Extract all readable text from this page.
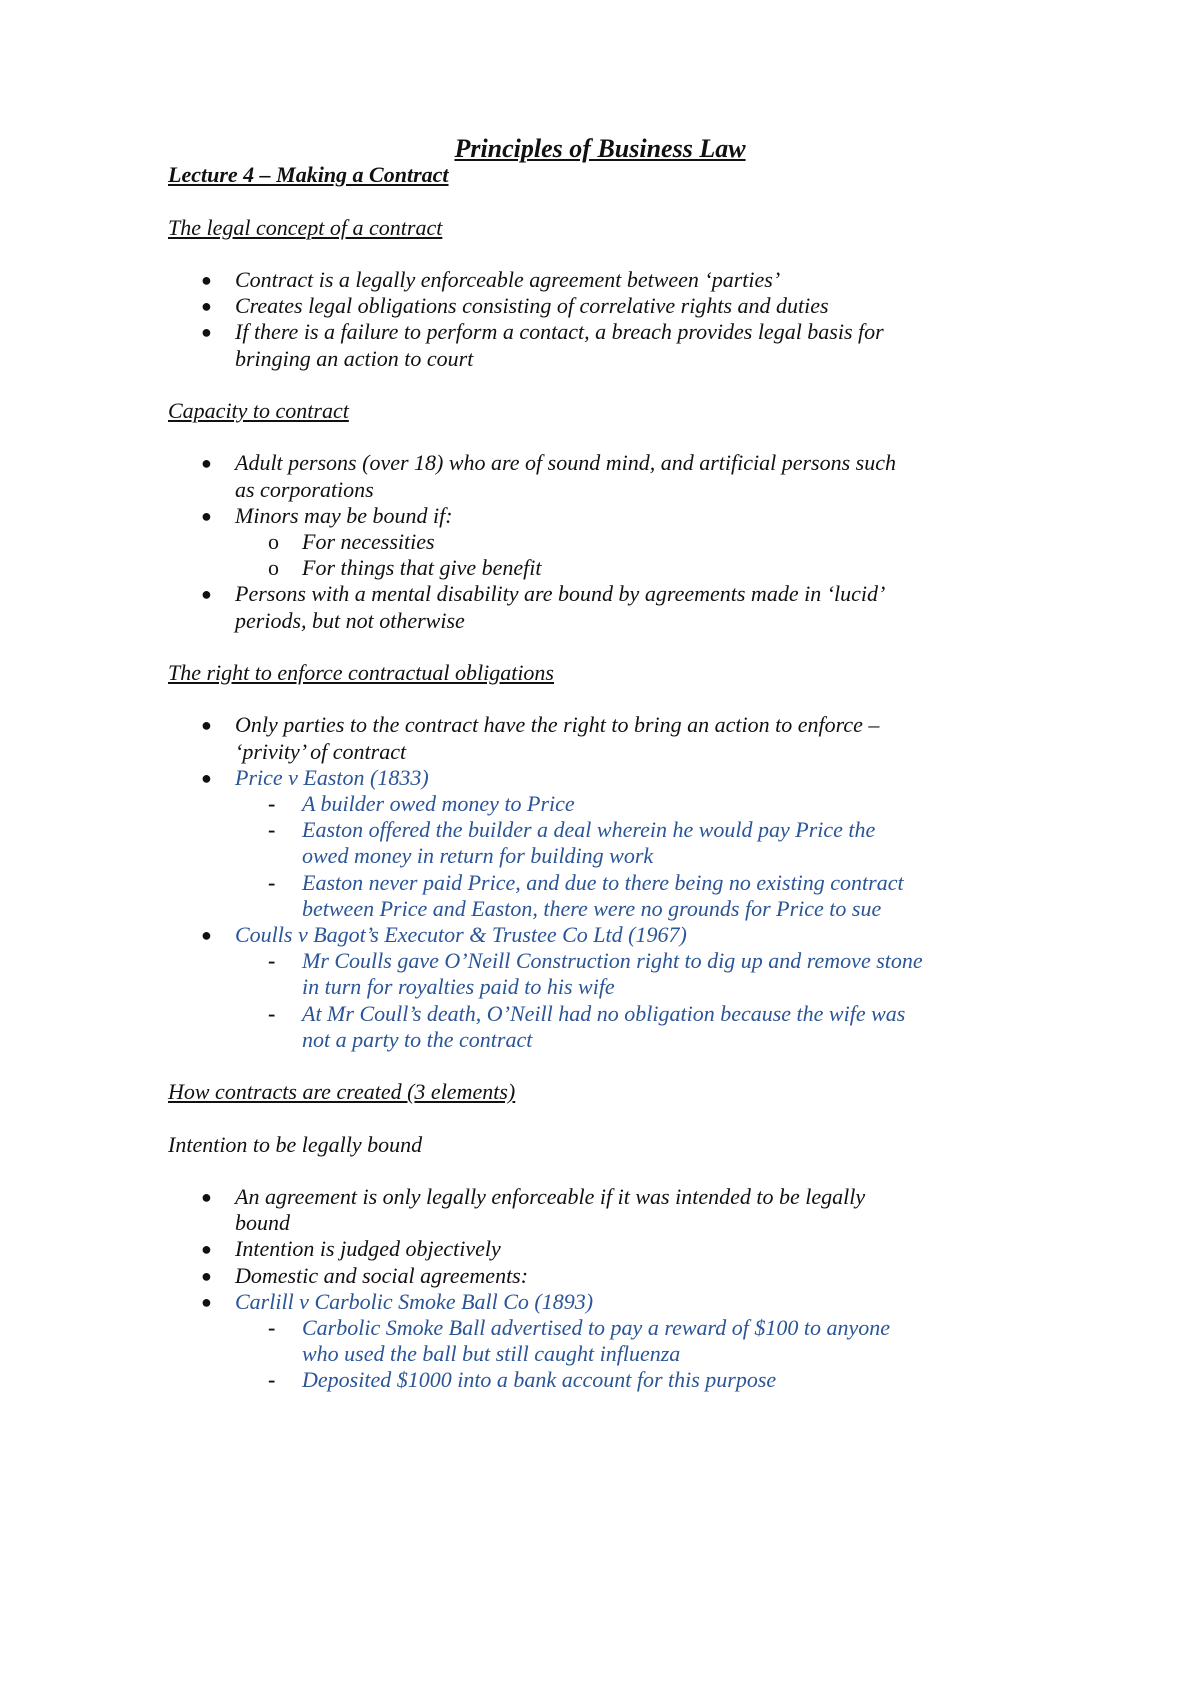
Principles of Business Law
Lecture 4 – Making a Contract
The legal concept of a contract
● Contract is a legally enforceable agreement between ‘parties’
● Creates legal obligations consisting of correlative rights and duties
● If there is a failure to perform a contact, a breach provides legal basis for
bringing an action to court
Capacity to contract
● Adult persons (over 18) who are of sound mind, and artificial persons such
as corporations
● Minors may be bound if:
o For necessities
o For things that give benefit
● Persons with a mental disability are bound by agreements made in ‘lucid’
periods, but not otherwise
The right to enforce contractual obligations
● Only parties to the contract have the right to bring an action to enforce –
‘privity’ of contract
● Price v Easton (1833)
- A builder owed money to Price
- Easton offered the builder a deal wherein he would pay Price the
owed money in return for building work
- Easton never paid Price, and due to there being no existing contract
between Price and Easton, there were no grounds for Price to sue
● Coulls v Bagot’s Executor & Trustee Co Ltd (1967)
- Mr Coulls gave O’Neill Construction right to dig up and remove stone
in turn for royalties paid to his wife
- At Mr Coull’s death, O’Neill had no obligation because the wife was
not a party to the contract
How contracts are created (3 elements)
Intention to be legally bound
● An agreement is only legally enforceable if it was intended to be legally
bound
● Intention is judged objectively
● Domestic and social agreements:
● Carlill v Carbolic Smoke Ball Co (1893)
- Carbolic Smoke Ball advertised to pay a reward of $100 to anyone
who used the ball but still caught influenza
- Deposited $1000 into a bank account for this purpose
